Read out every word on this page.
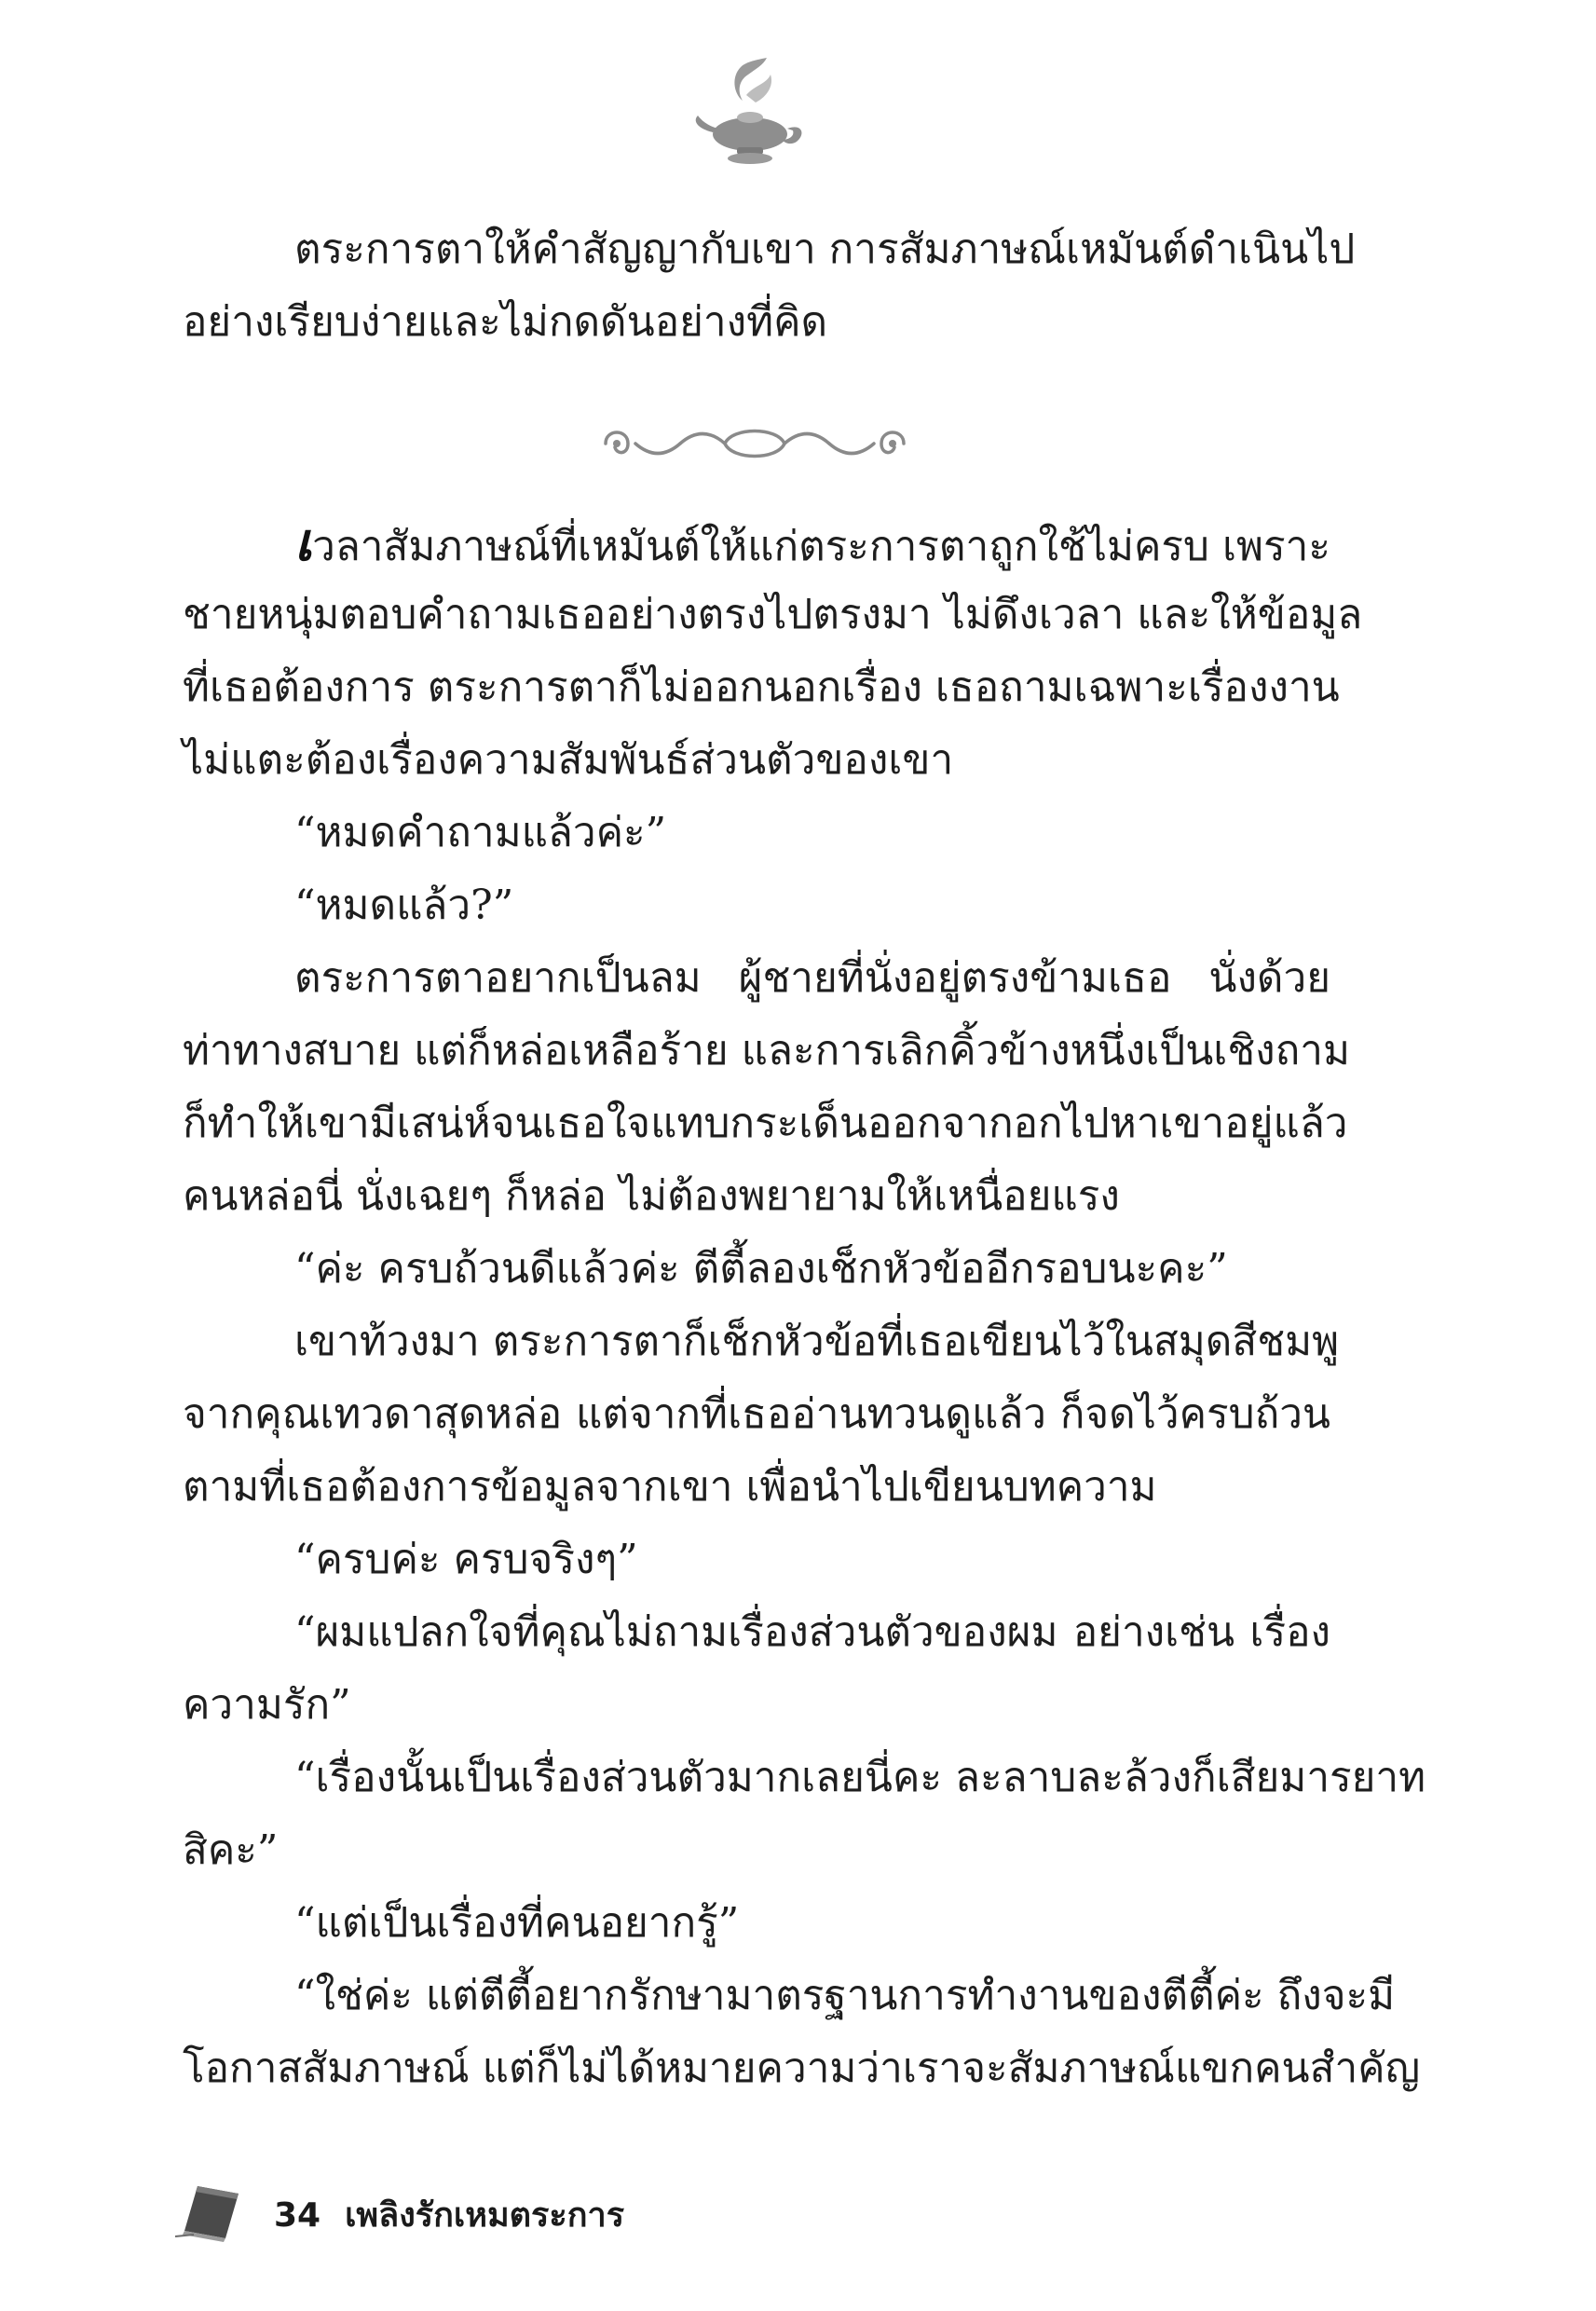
ตระการตาให้คำสัญญากับเขา การสัมภาษณ์เหมันต์ดำเนินไป
อย่างเรียบง่ายและไม่กดดันอย่างที่คิด
เวลาสัมภาษณ์ที่เหมันต์ให้แก่ตระการตาถูกใช้ไม่ครบ เพราะ
ชายหนุ่มตอบคำถามเธออย่างตรงไปตรงมา ไม่ดึงเวลา และให้ข้อมูล
ที่เธอต้องการ ตระการตาก็ไม่ออกนอกเรื่อง เธอถามเฉพาะเรื่องงาน
ไม่แตะต้องเรื่องความสัมพันธ์ส่วนตัวของเขา
“หมดคำถามแล้วค่ะ”
“หมดแล้ว?”
ตระการตาอยากเป็นลม ผู้ชายที่นั่งอยู่ตรงข้ามเธอ นั่งด้วย
ท่าทางสบาย แต่ก็หล่อเหลือร้าย และการเลิกคิ้วข้างหนึ่งเป็นเชิงถาม
ก็ทำให้เขามีเสน่ห์จนเธอใจแทบกระเด็นออกจากอกไปหาเขาอยู่แล้ว
คนหล่อนี่ นั่งเฉยๆ ก็หล่อ ไม่ต้องพยายามให้เหนื่อยแรง
“ค่ะ ครบถ้วนดีแล้วค่ะ ตีตี้ลองเช็กหัวข้ออีกรอบนะคะ”
เขาท้วงมา ตระการตาก็เช็กหัวข้อที่เธอเขียนไว้ในสมุดสีชมพู
จากคุณเทวดาสุดหล่อ แต่จากที่เธออ่านทวนดูแล้ว ก็จดไว้ครบถ้วน
ตามที่เธอต้องการข้อมูลจากเขา เพื่อนำไปเขียนบทความ
“ครบค่ะ ครบจริงๆ”
“ผมแปลกใจที่คุณไม่ถามเรื่องส่วนตัวของผม อย่างเช่น เรื่อง
ความรัก”
“เรื่องนั้นเป็นเรื่องส่วนตัวมากเลยนี่คะ ละลาบละล้วงก็เสียมารยาท
สิคะ”
“แต่เป็นเรื่องที่คนอยากรู้”
“ใช่ค่ะ แต่ตีตี้อยากรักษามาตรฐานการทำงานของตีตี้ค่ะ ถึงจะมี
โอกาสสัมภาษณ์ แต่ก็ไม่ได้หมายความว่าเราจะสัมภาษณ์แขกคนสำคัญ
34 เพลิงรักเหมตระการ
